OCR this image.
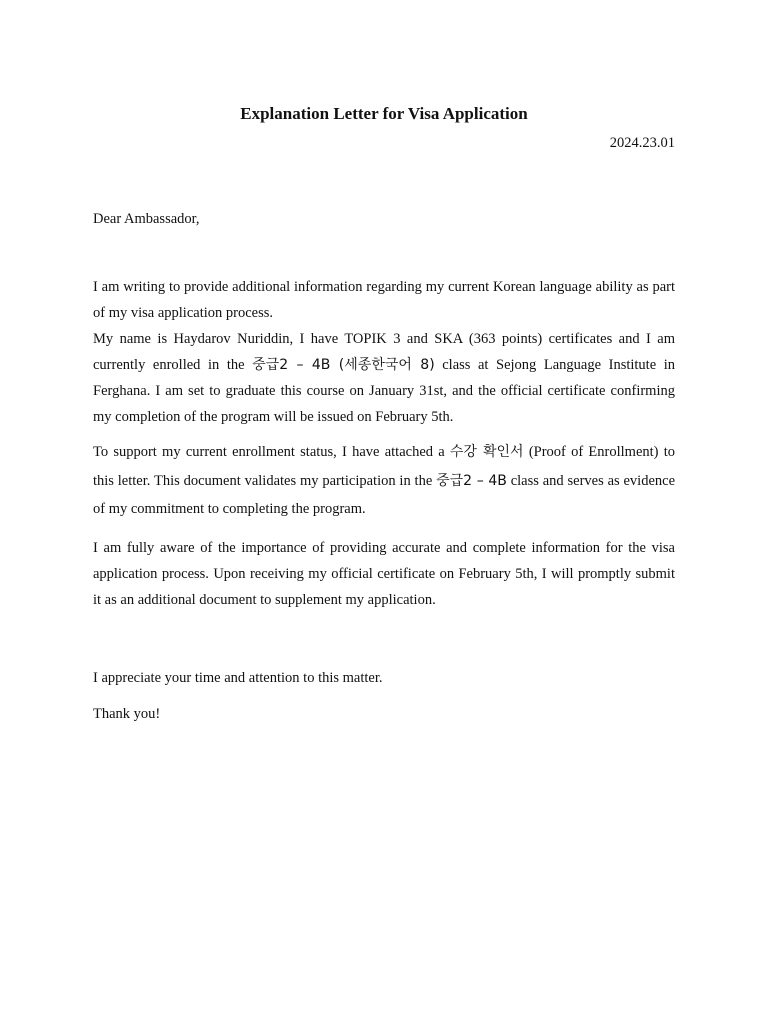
Explanation Letter for Visa Application
2024.23.01

Dear Ambassador,

I am writing to provide additional information regarding my current Korean language ability as part of my visa application process.
My name is Haydarov Nuriddin, I have TOPIK 3 and SKA (363 points) certificates and I am currently enrolled in the 중급2 – 4B (세종한국어 8) class at Sejong Language Institute in Ferghana. I am set to graduate this course on January 31st, and the official certificate confirming my completion of the program will be issued on February 5th.

To support my current enrollment status, I have attached a 수강 확인서 (Proof of Enrollment) to this letter. This document validates my participation in the 중급2 – 4B class and serves as evidence of my commitment to completing the program.

I am fully aware of the importance of providing accurate and complete information for the visa application process. Upon receiving my official certificate on February 5th, I will promptly submit it as an additional document to supplement my application.

I appreciate your time and attention to this matter.

Thank you!
